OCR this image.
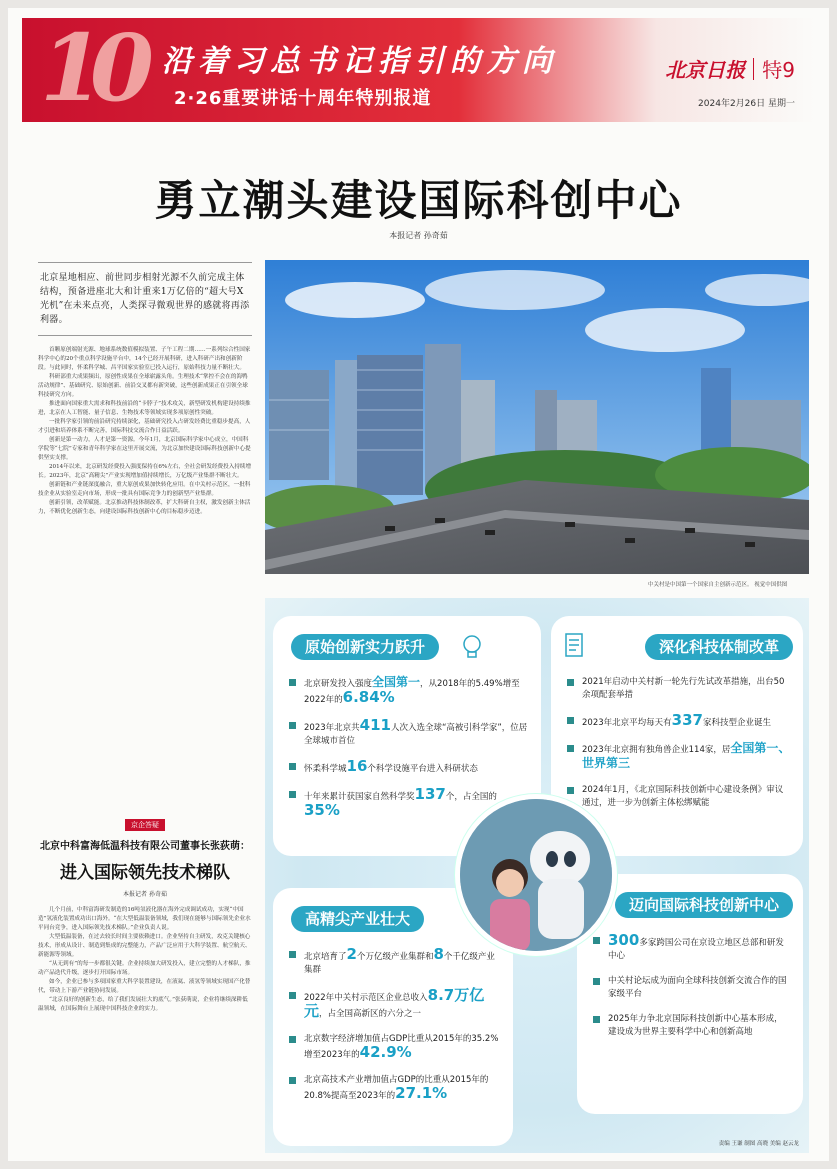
10 沿着习总书记指引的方向
2·26重要讲话十周年特别报道
北京日报 特9
2024年2月26日 星期一
勇立潮头建设国际科创中心
本报记者 孙奇茹
北京星地相应、前世同步相射光源不久前完成主体结构，预备进座北大和计重来1万亿倍的“超大号X光机”在未来点亮，人类探寻微观世界的感就将再添利器。

首颗原创端射光源、地球系统数值模拟装置、子午工程二期……一系列综合性国家科学中心的20个重点科学设施平台中，14个已经开展科研，进入科研产出和创新阶段。与此同时，怀柔科学城、昌平国家实验室已投入运行，原始科技力量不断壮大。

科研部重大成果频出，原创性成果在全球崭露头角。生理技术“掌控不会在的海鸭活动规律”、基础研究、原始创新、前沿交叉都有新突破，这些创新成果正在引领全球科技研究方向。

推进面向国家重大需求和科技前沿的“卡脖子”技术攻关，新型研发机构建设持续推进，北京在人工智能、量子信息、生物技术等领域实现多项原创性突破。

一批科学家引领的前沿研究持续深化，基础研究投入占研发经费比重稳步提高，人才引进和培养体系不断完善，国际科技交流合作日益活跃。

创新是第一动力，人才是第一资源。今年1月，北京国际科学家中心成立，中国科学院等“七院”专家和青年科学家在这里开展交流，为北京加快建设国际科技创新中心提供坚实支撑。

2014年以来，北京研发经费投入强度保持在6%左右，全社会研发经费投入持续增长。2023年，北京“高精尖”产业实现增加值持续增长，万亿级产业集群不断壮大。

创新链和产业链深度融合，重大原创成果加快转化应用。在中关村示范区，一批科技企业从实验室走向市场，形成一批具有国际竞争力的创新型产业集群。

创新引领，改革赋能。北京推动科技体制改革，扩大科研自主权，激发创新主体活力，不断优化创新生态，向建设国际科技创新中心的目标稳步迈进。

京企答疑
北京中科富海低温科技有限公司董事长张荻萌：
进入国际领先技术梯队
本报记者 孙奇茹

几个月前，中科富海研发制造的16吨氢液化器在海外完成调试成功，实现“中国造”氢液化装置成功出口海外。“在大型低温装备领域，我们现在能够与国际领先企业水平同台竞争，进入国际领先技术梯队。”企业负责人说。

大型低温装备，在过去较长时间主要依赖进口。企业坚持自主研发，攻克关键核心技术，形成从设计、制造到集成的完整能力，产品广泛应用于大科学装置、航空航天、新能源等领域。

“从无到有”的每一步都很关键。企业持续加大研发投入，建立完整的人才梯队，推动产品迭代升级，逐步打开国际市场。

如今，企业已参与多项国家重大科学装置建设，在液氦、液氢等领域实现国产化替代，带动上下游产业链协同发展。

“北京良好的创新生态，给了我们发展壮大的底气。”张荻萌说，企业将继续深耕低温领域，在国际舞台上展现中国科技企业的实力。

中关村是中国第一个国家自主创新示范区。 视觉中国供图
原始创新实力跃升
北京研发投入强度全国第一，从2018年的5.49%增至2022年的6.84%
2023年北京共411人次入选全球“高被引科学家”，位居全球城市首位
怀柔科学城16个科学设施平台进入科研状态
十年来累计获国家自然科学奖137个，占全国的35%
深化科技体制改革
2021年启动中关村新一轮先行先试改革措施，出台50余项配套举措
2023年北京平均每天有337家科技型企业诞生
2023年北京拥有独角兽企业114家，居全国第一、世界第三
2024年1月，《北京国际科技创新中心建设条例》审议通过，进一步为创新主体松绑赋能
高精尖产业壮大
北京培育了2个万亿级产业集群和8个千亿级产业集群
2022年中关村示范区企业总收入8.7万亿元，占全国高新区的六分之一
北京数字经济增加值占GDP比重从2015年的35.2%增至2023年的42.9%
北京高技术产业增加值占GDP的比重从2015年的20.8%提高至2023年的27.1%
迈向国际科技创新中心
300多家跨国公司在京设立地区总部和研发中心
中关村论坛成为面向全球科技创新交流合作的国家级平台
2025年力争北京国际科技创新中心基本形成，建设成为世界主要科学中心和创新高地
责编 王谦 制图 高晓 美编 赵云龙
